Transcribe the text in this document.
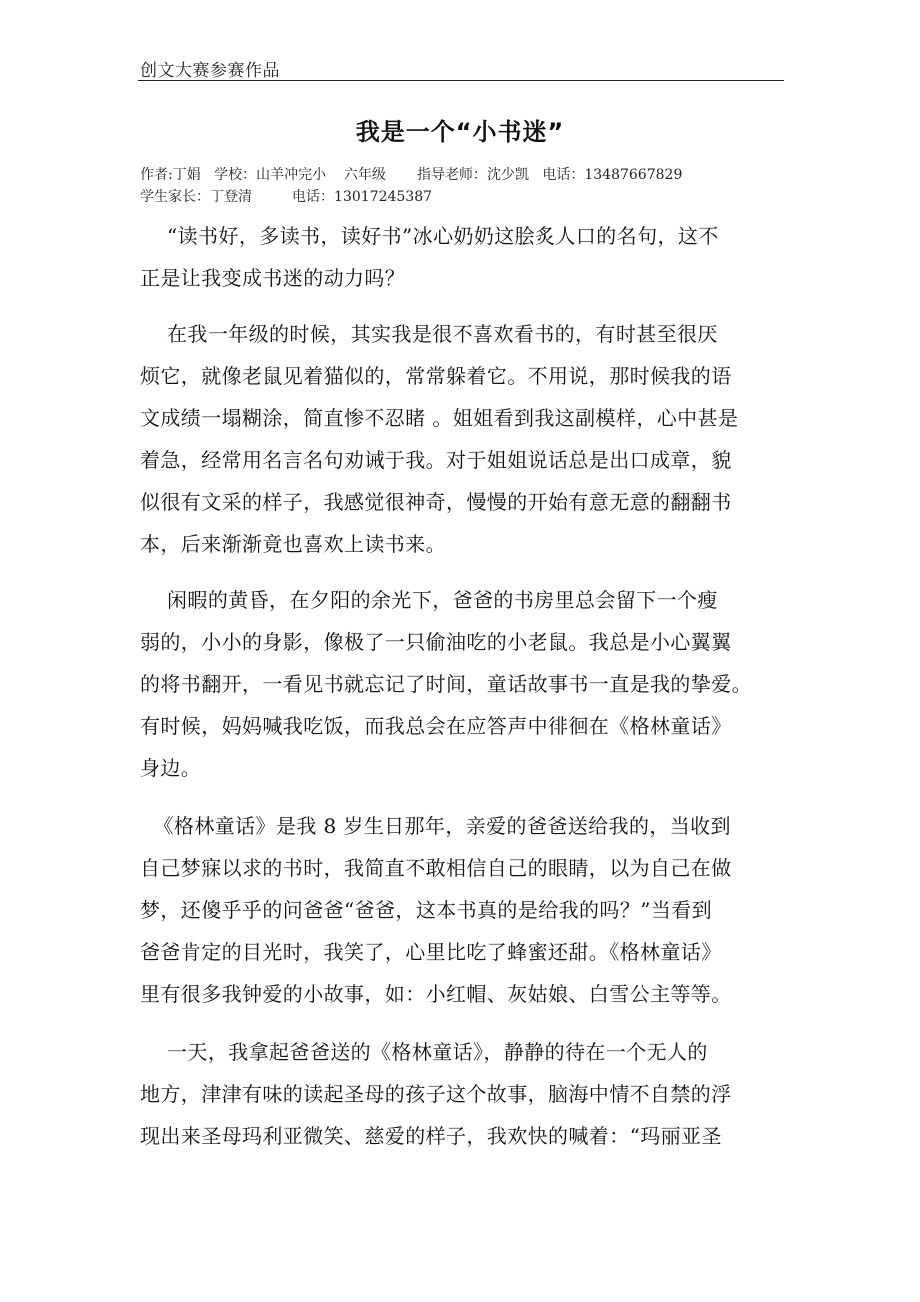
创文大赛参赛作品
我是一个“小书迷”
作者:丁娟   学校：山羊冲完小    六年级       指导老师：沈少凯   电话：13487667829
学生家长：丁登清         电话：13017245387
“读书好，多读书，读好书”冰心奶奶这脍炙人口的名句，这不
正是让我变成书迷的动力吗？
在我一年级的时候，其实我是很不喜欢看书的，有时甚至很厌
烦它，就像老鼠见着猫似的，常常躲着它。不用说，那时候我的语
文成绩一塌糊涂，简直惨不忍睹 。姐姐看到我这副模样，心中甚是
着急，经常用名言名句劝诫于我。对于姐姐说话总是出口成章，貌
似很有文采的样子，我感觉很神奇，慢慢的开始有意无意的翻翻书
本，后来渐渐竟也喜欢上读书来。
闲暇的黄昏，在夕阳的余光下，爸爸的书房里总会留下一个瘦
弱的，小小的身影，像极了一只偷油吃的小老鼠。我总是小心翼翼
的将书翻开，一看见书就忘记了时间，童话故事书一直是我的挚爱。
有时候，妈妈喊我吃饭，而我总会在应答声中徘徊在《格林童话》
身边。
《格林童话》是我 8 岁生日那年，亲爱的爸爸送给我的，当收到
自己梦寐以求的书时，我简直不敢相信自己的眼睛，以为自己在做
梦，还傻乎乎的问爸爸“爸爸，这本书真的是给我的吗？”当看到
爸爸肯定的目光时，我笑了，心里比吃了蜂蜜还甜。《格林童话》
里有很多我钟爱的小故事，如：小红帽、灰姑娘、白雪公主等等。
一天，我拿起爸爸送的《格林童话》，静静的待在一个无人的
地方，津津有味的读起圣母的孩子这个故事，脑海中情不自禁的浮
现出来圣母玛利亚微笑、慈爱的样子，我欢快的喊着：“玛丽亚圣
